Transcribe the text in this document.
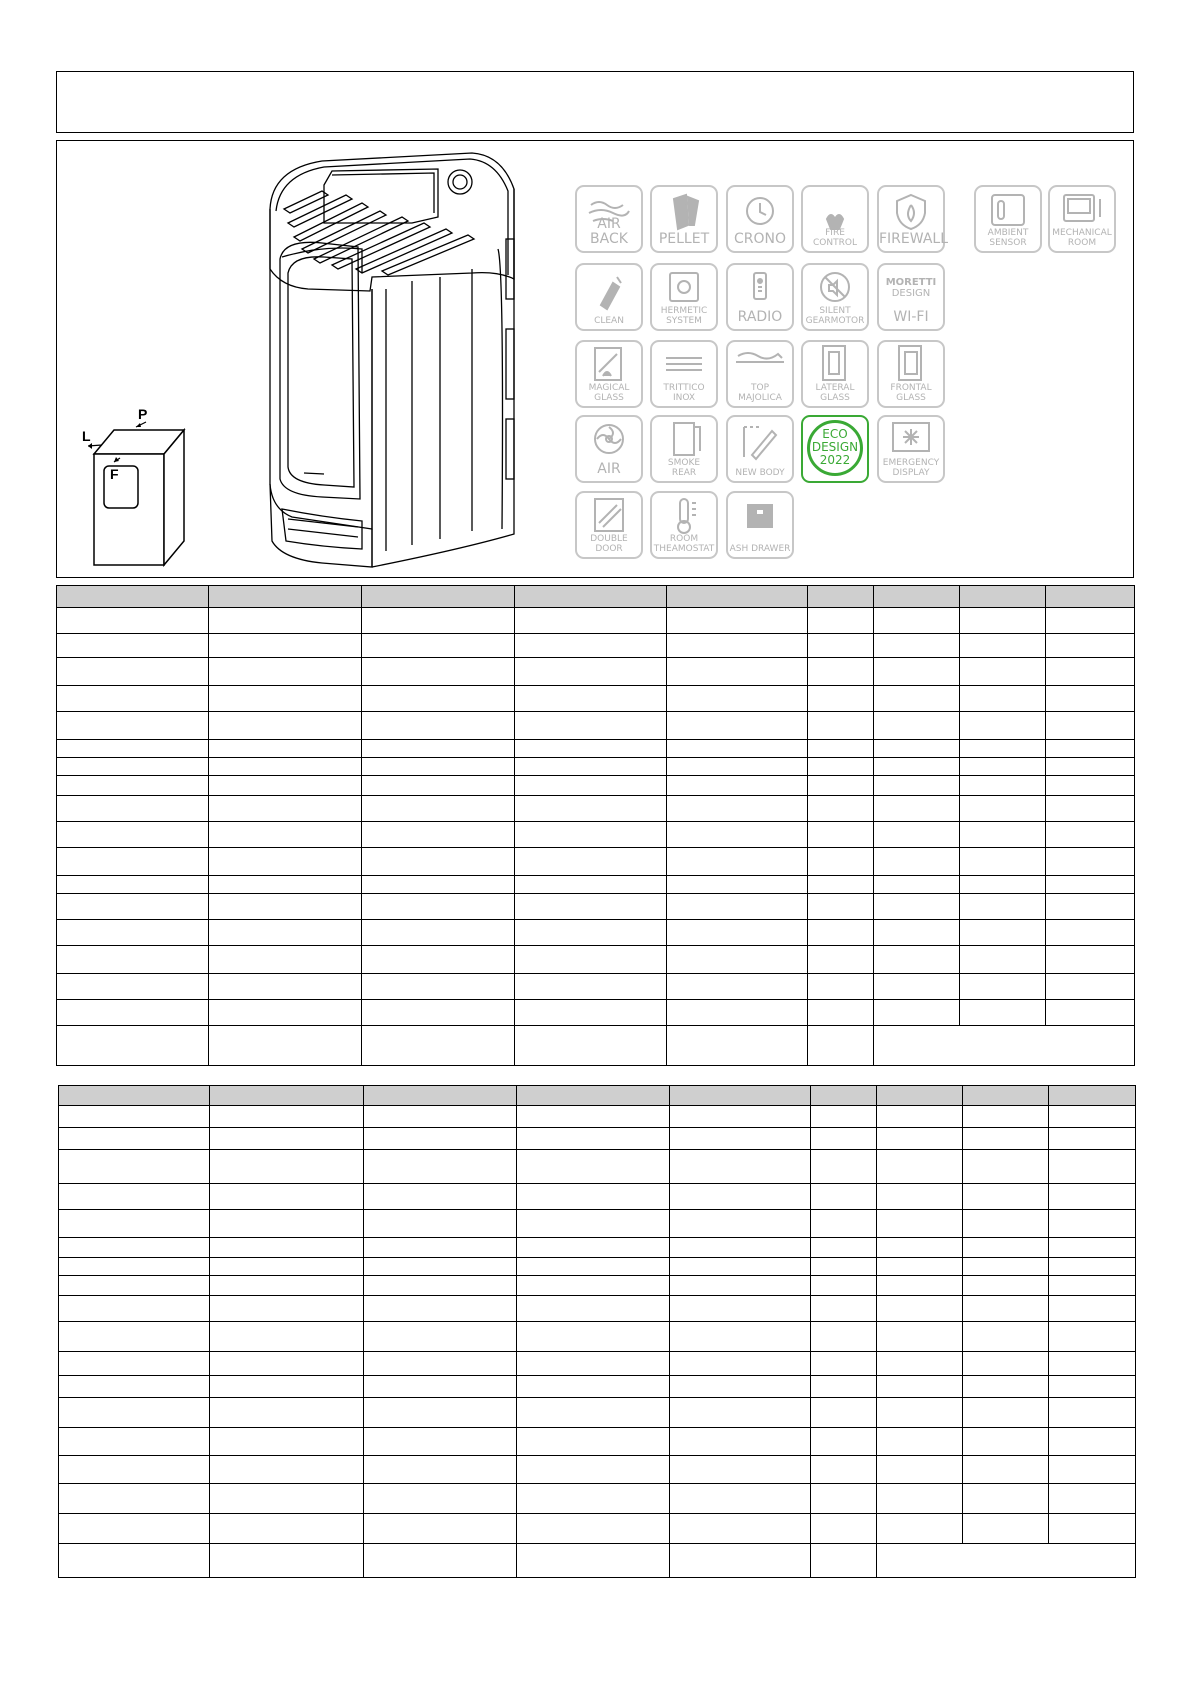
P
L
F
AIR BACK	PELLET	CRONO	FIRE
CONTROL	FIREWALL	AMBIENT
SENSOR
MECHANICAL
ROOM
CLEAN
HERMETIC
SYSTEM	RADIO	SILENT
GEARMOTOR
MORETTI
DESIGN
WI-FI
MAGICAL
GLASS
TRITTICO
INOX
TOP
MAJOLICA
LATERAL
GLASS
FRONTAL
GLASS
AIR	SMOKE
REAR	NEW BODY
ECO
DESIGN
2022	EMERGENCY
DISPLAY
DOUBLE
DOOR
ROOM
THEAMOSTAT ASH DRAWER
